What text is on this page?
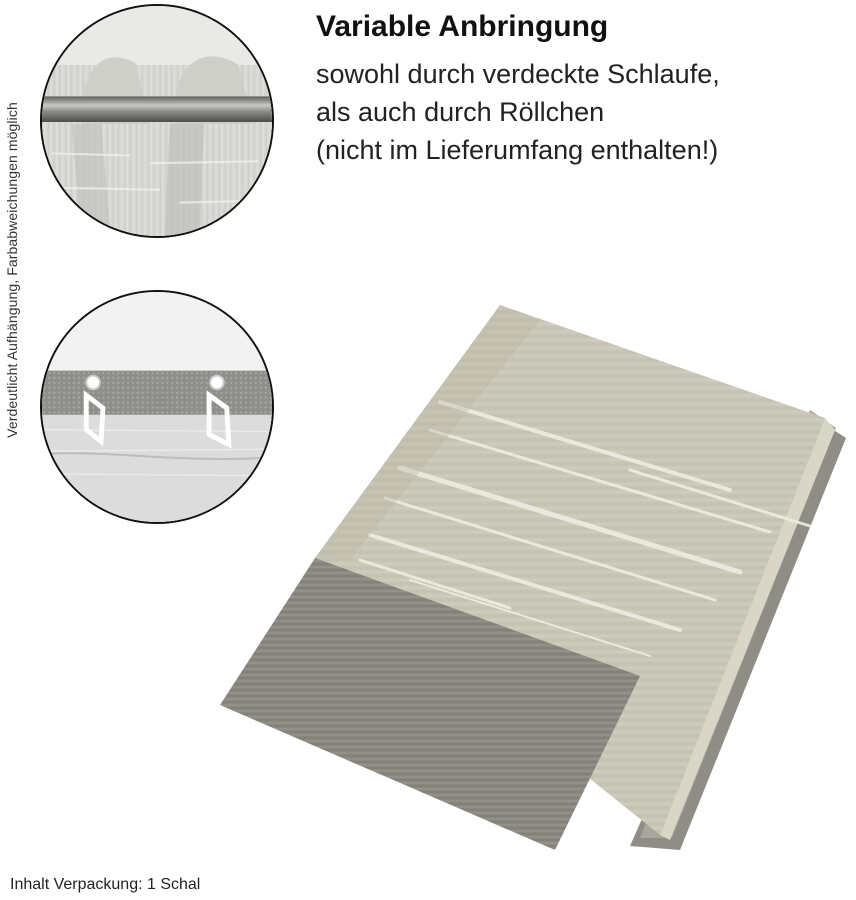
Verdeutlicht Aufhängung, Farbabweichungen möglich
Variable Anbringung
sowohl durch verdeckte Schlaufe,
als auch durch Röllchen
(nicht im Lieferumfang enthalten!)
Inhalt Verpackung: 1 Schal
